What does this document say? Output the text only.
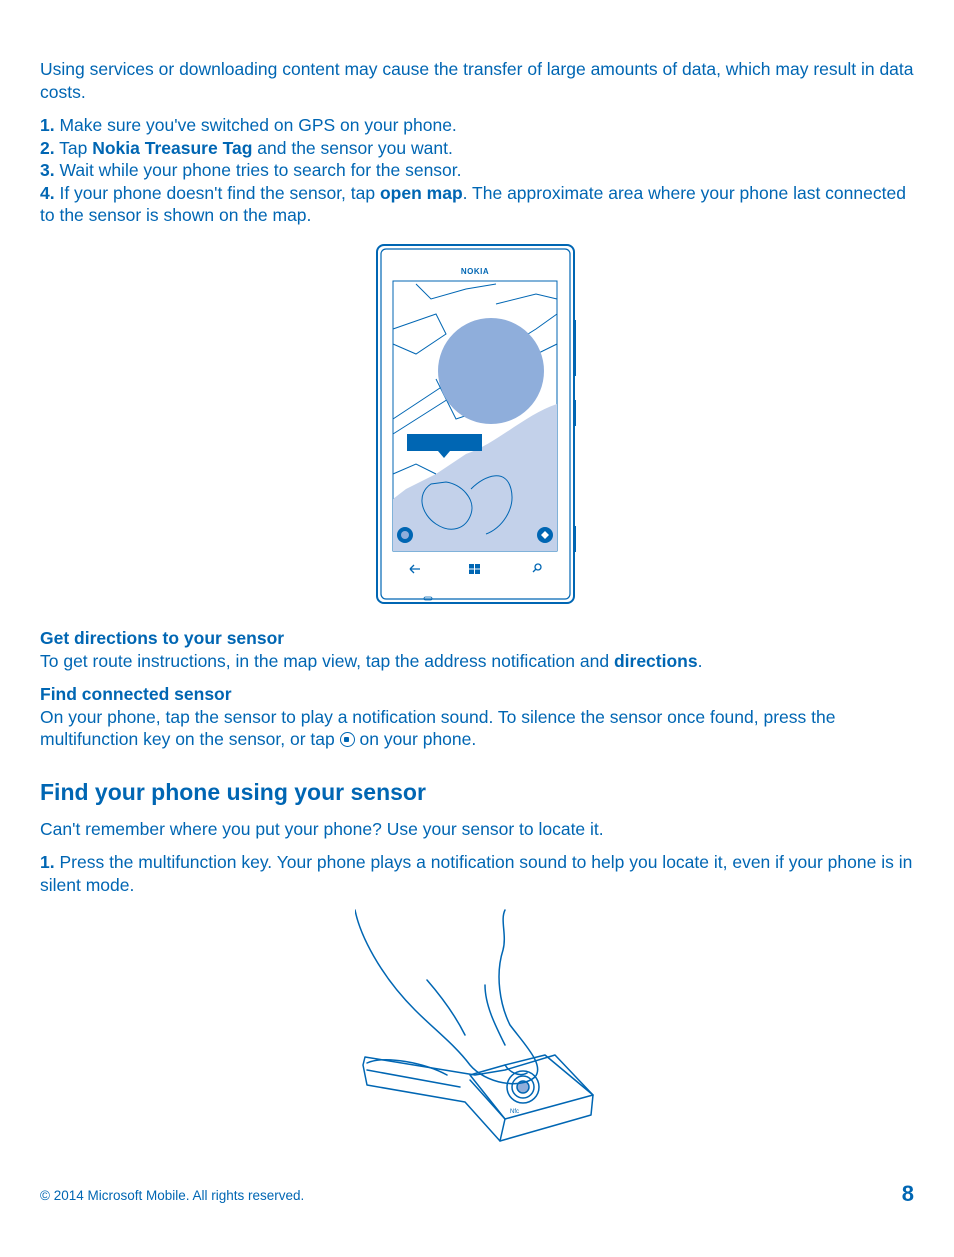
Using services or downloading content may cause the transfer of large amounts of data, which may result in data costs.

1. Make sure you've switched on GPS on your phone.
2. Tap Nokia Treasure Tag and the sensor you want.
3. Wait while your phone tries to search for the sensor.
4. If your phone doesn't find the sensor, tap open map. The approximate area where your phone last connected to the sensor is shown on the map.
NOKIA
Get directions to your sensor
To get route instructions, in the map view, tap the address notification and directions.
Find connected sensor
On your phone, tap the sensor to play a notification sound. To silence the sensor once found, press the multifunction key on the sensor, or tap  on your phone.
Find your phone using your sensor

Can't remember where you put your phone? Use your sensor to locate it.

1. Press the multifunction key. Your phone plays a notification sound to help you locate it, even if your phone is in silent mode.
Nfc
© 2014 Microsoft Mobile. All rights reserved.	8
